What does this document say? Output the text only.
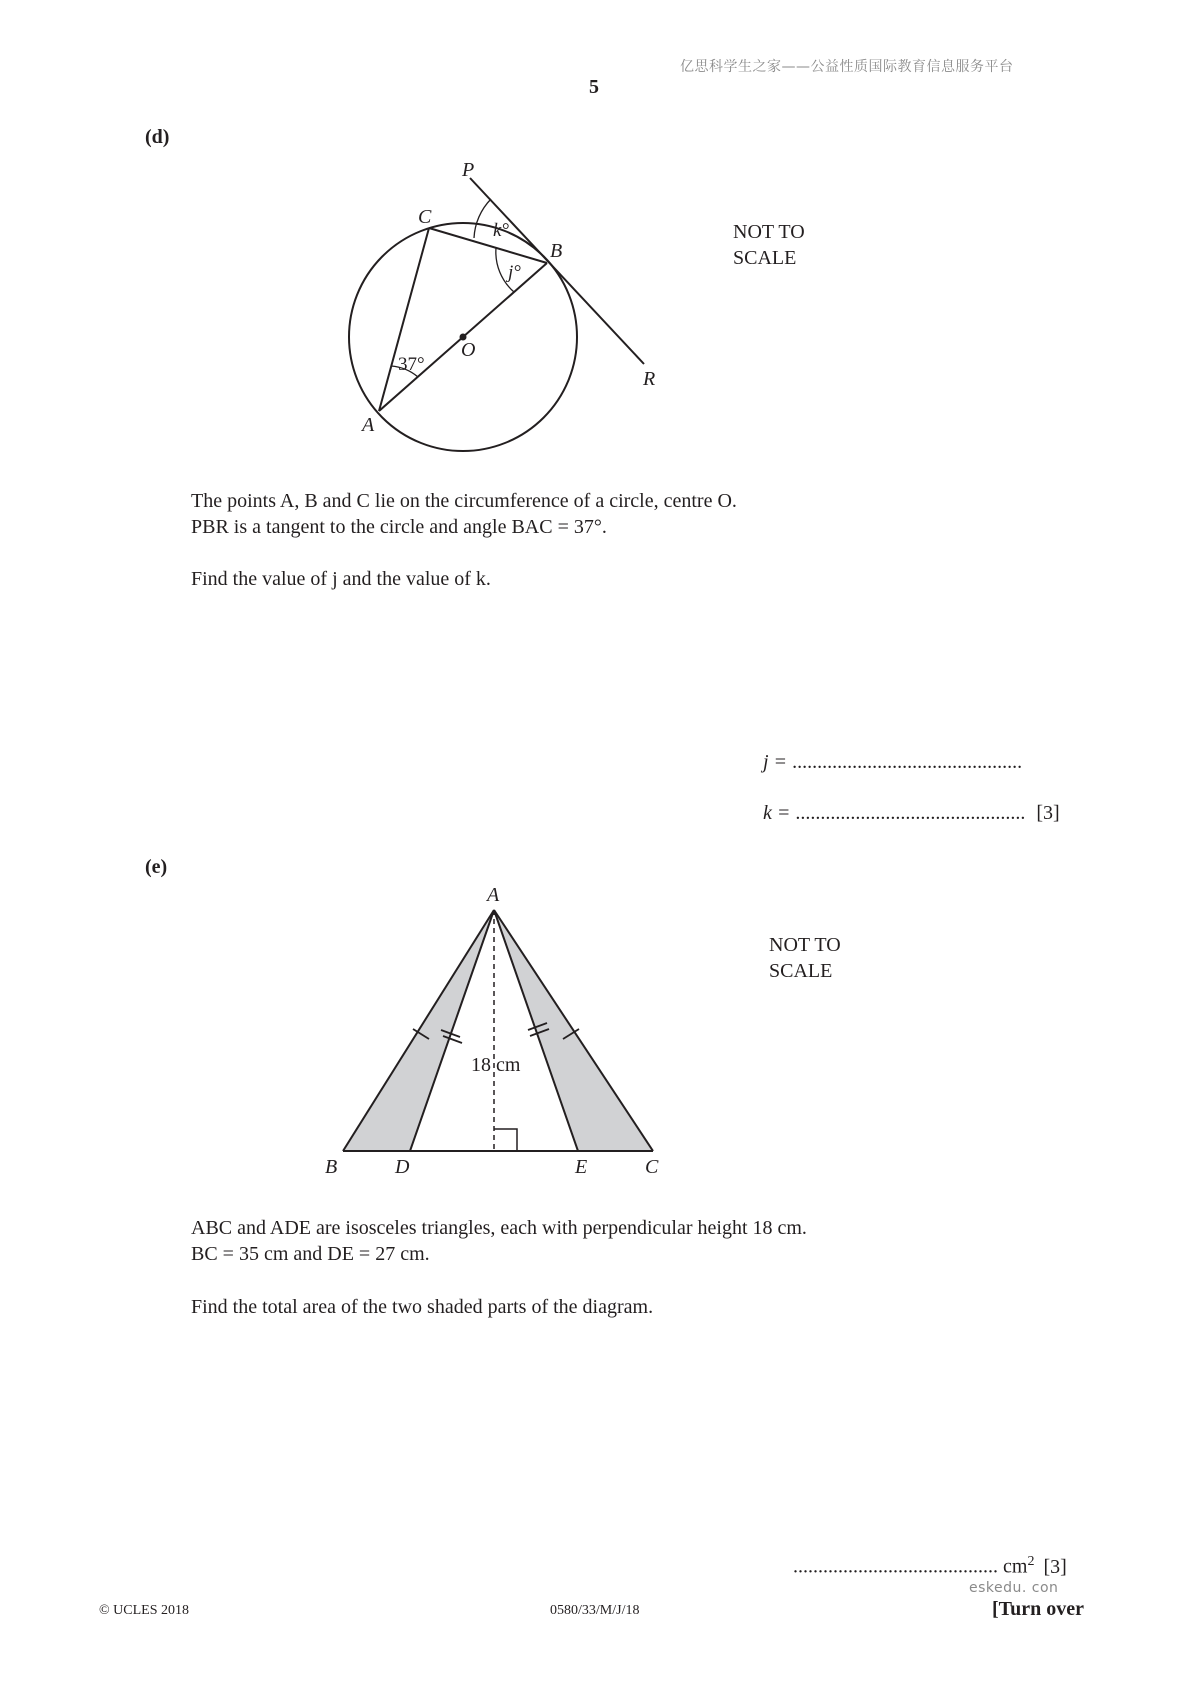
亿思科学生之家——公益性质国际教育信息服务平台
5
(d)
P
C
B
O
A
R
k°
j°
37°
A
B	D	E	C
18 cm
NOT TO
SCALE
The points A, B and C lie on the circumference of a circle, centre O.
PBR is a tangent to the circle and angle BAC = 37°.
Find the value of j and the value of k.
j = ..............................................
k = .............................................. [3]
(e)
NOT TO
SCALE
ABC and ADE are isosceles triangles, each with perpendicular height 18 cm.
BC = 35 cm and DE = 27 cm.
Find the total area of the two shaded parts of the diagram.
......................................... $cm^2$ [3]
eskedu. con
© UCLES 2018	0580/33/M/J/18	[Turn over
